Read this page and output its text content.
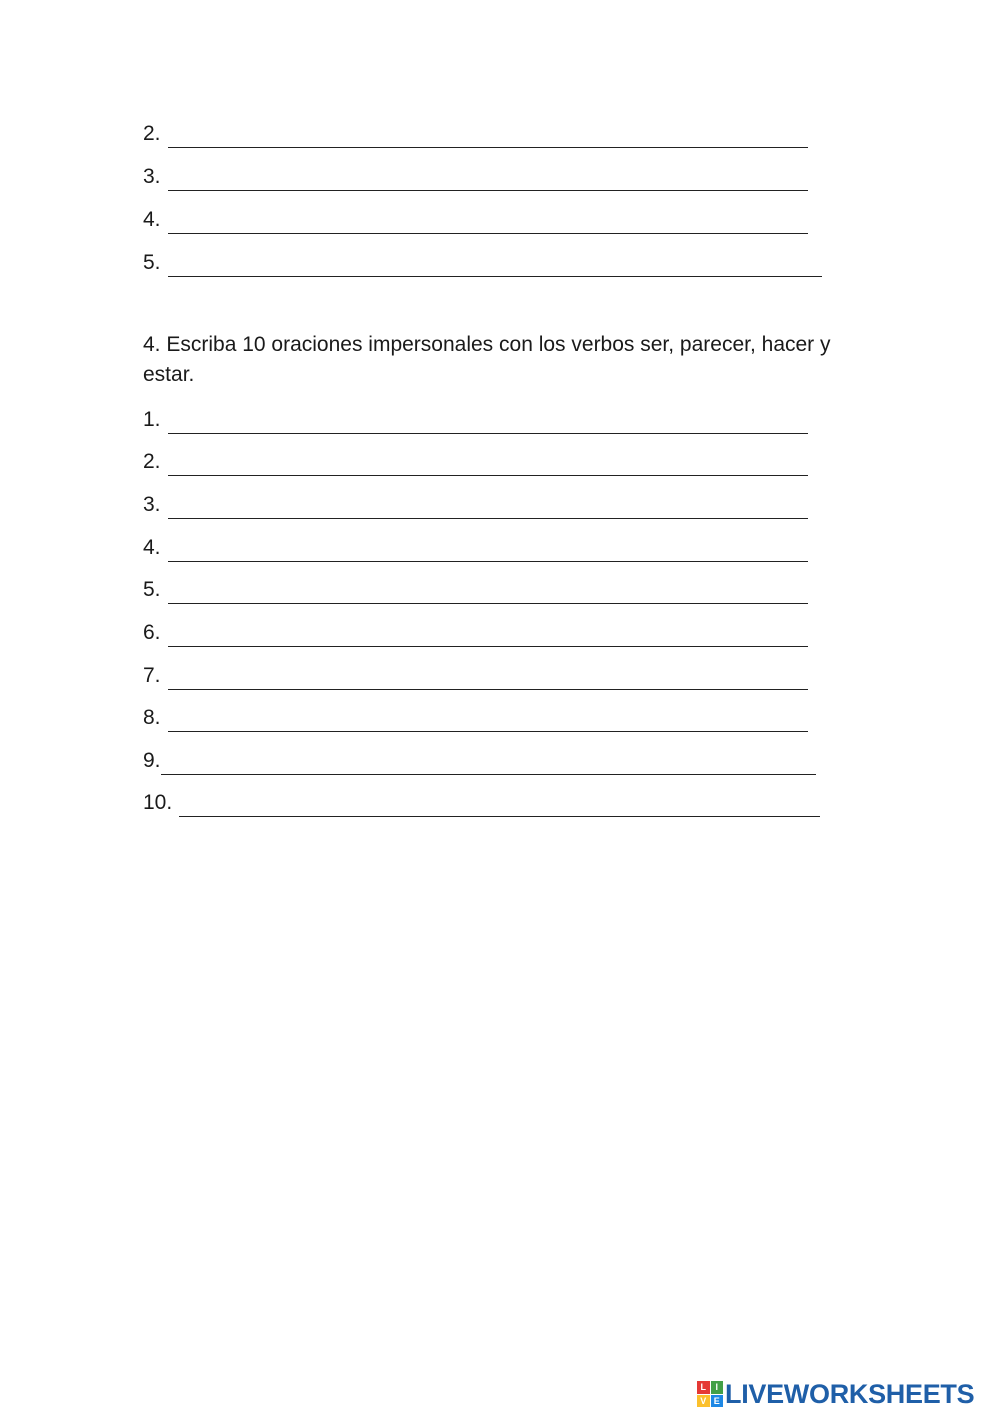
2.
3.
4.
5.
4. Escriba 10 oraciones impersonales con los verbos ser, parecer, hacer y estar.
1.
2.
3.
4.
5.
6.
7.
8.
9.
10.
L	I
V E LIVEWORKSHEETS
